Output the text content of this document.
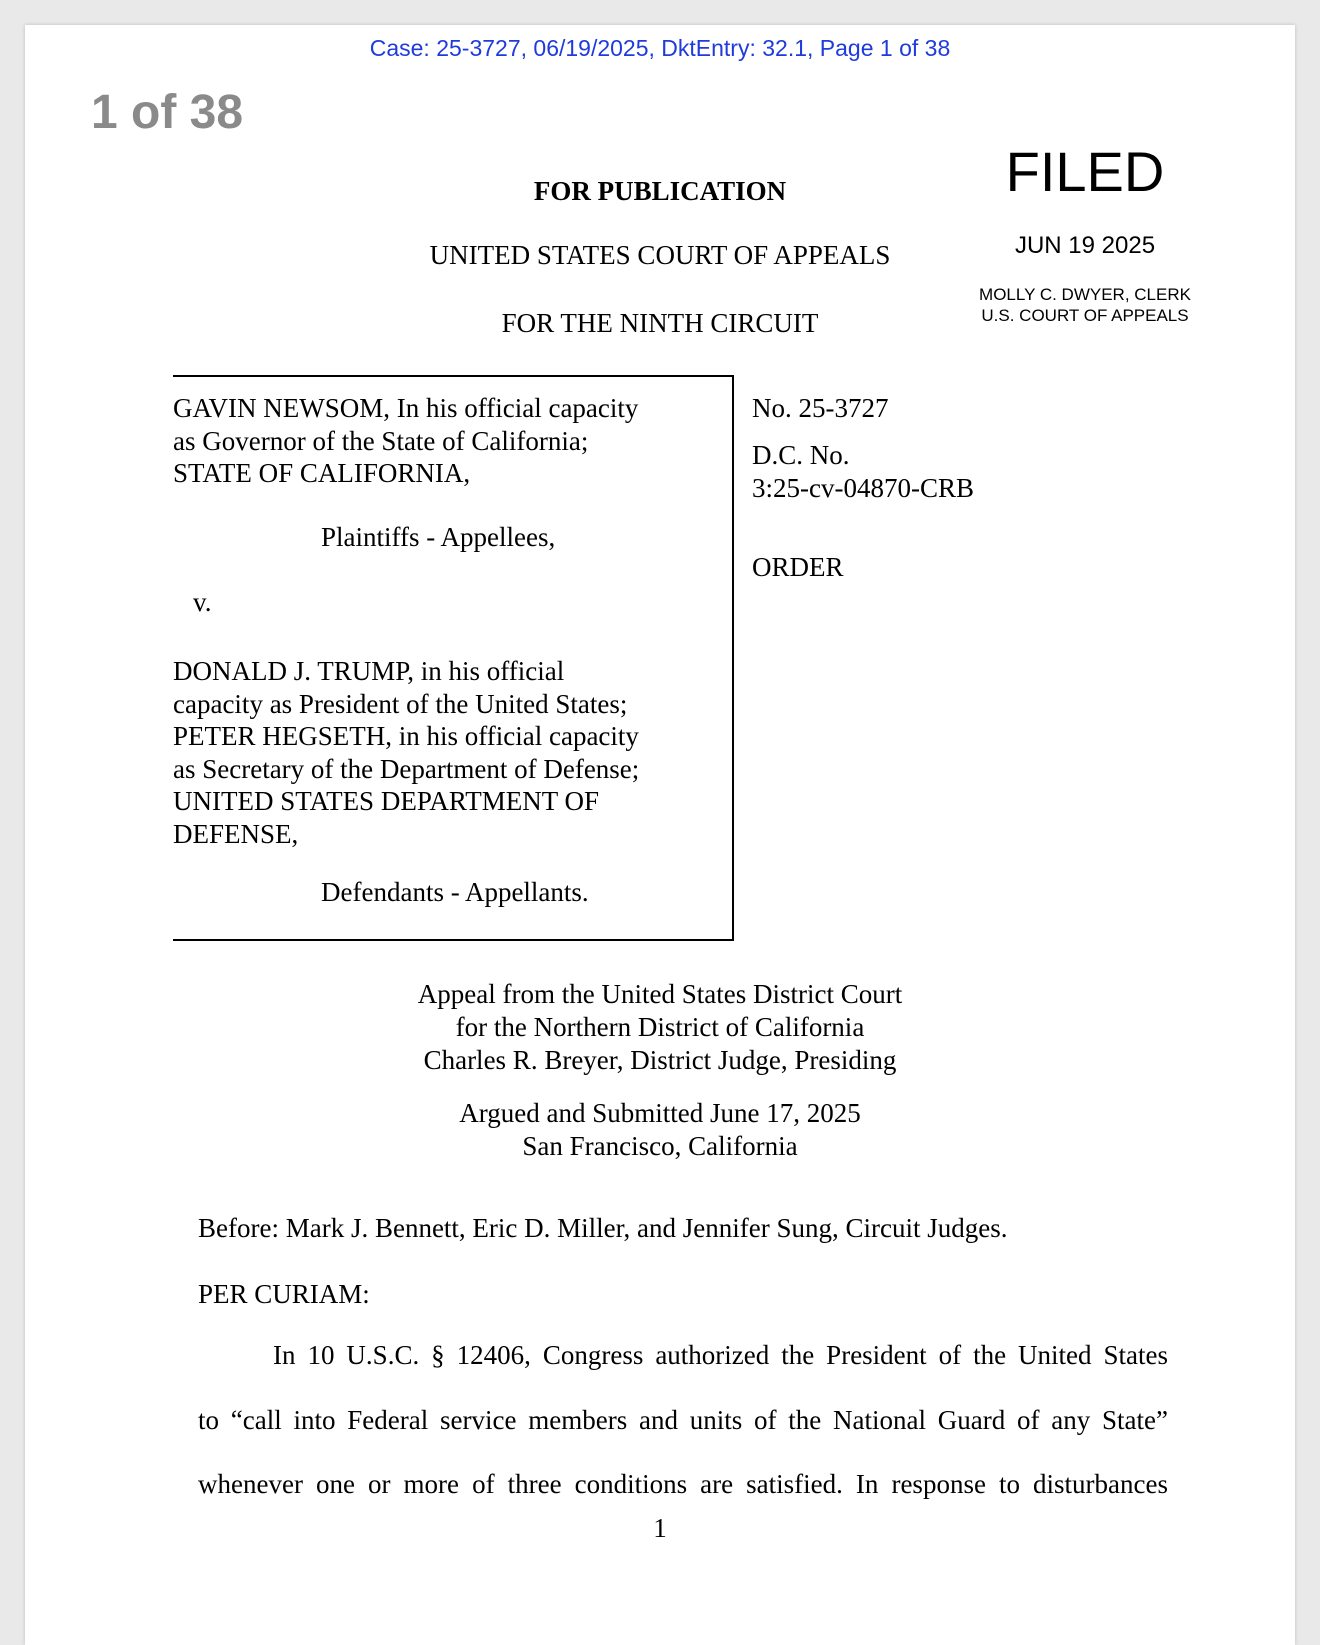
Case: 25-3727, 06/19/2025, DktEntry: 32.1, Page 1 of 38
1 of 38
FOR PUBLICATION
UNITED STATES COURT OF APPEALS
FOR THE NINTH CIRCUIT
FILED
JUN 19 2025
MOLLY C. DWYER, CLERK
U.S. COURT OF APPEALS
GAVIN NEWSOM, In his official capacity
as Governor of the State of California;
STATE OF CALIFORNIA,
Plaintiffs - Appellees,
v.
DONALD J. TRUMP, in his official
capacity as President of the United States;
PETER HEGSETH, in his official capacity
as Secretary of the Department of Defense;
UNITED STATES DEPARTMENT OF
DEFENSE,
Defendants - Appellants.
No. 25-3727
D.C. No.
3:25-cv-04870-CRB
ORDER
Appeal from the United States District Court
for the Northern District of California
Charles R. Breyer, District Judge, Presiding
Argued and Submitted June 17, 2025
San Francisco, California
Before: Mark J. Bennett, Eric D. Miller, and Jennifer Sung, Circuit Judges.
PER CURIAM:
In 10 U.S.C. § 12406, Congress authorized the President of the United States
to “call into Federal service members and units of the National Guard of any State”
whenever one or more of three conditions are satisfied. In response to disturbances
1
